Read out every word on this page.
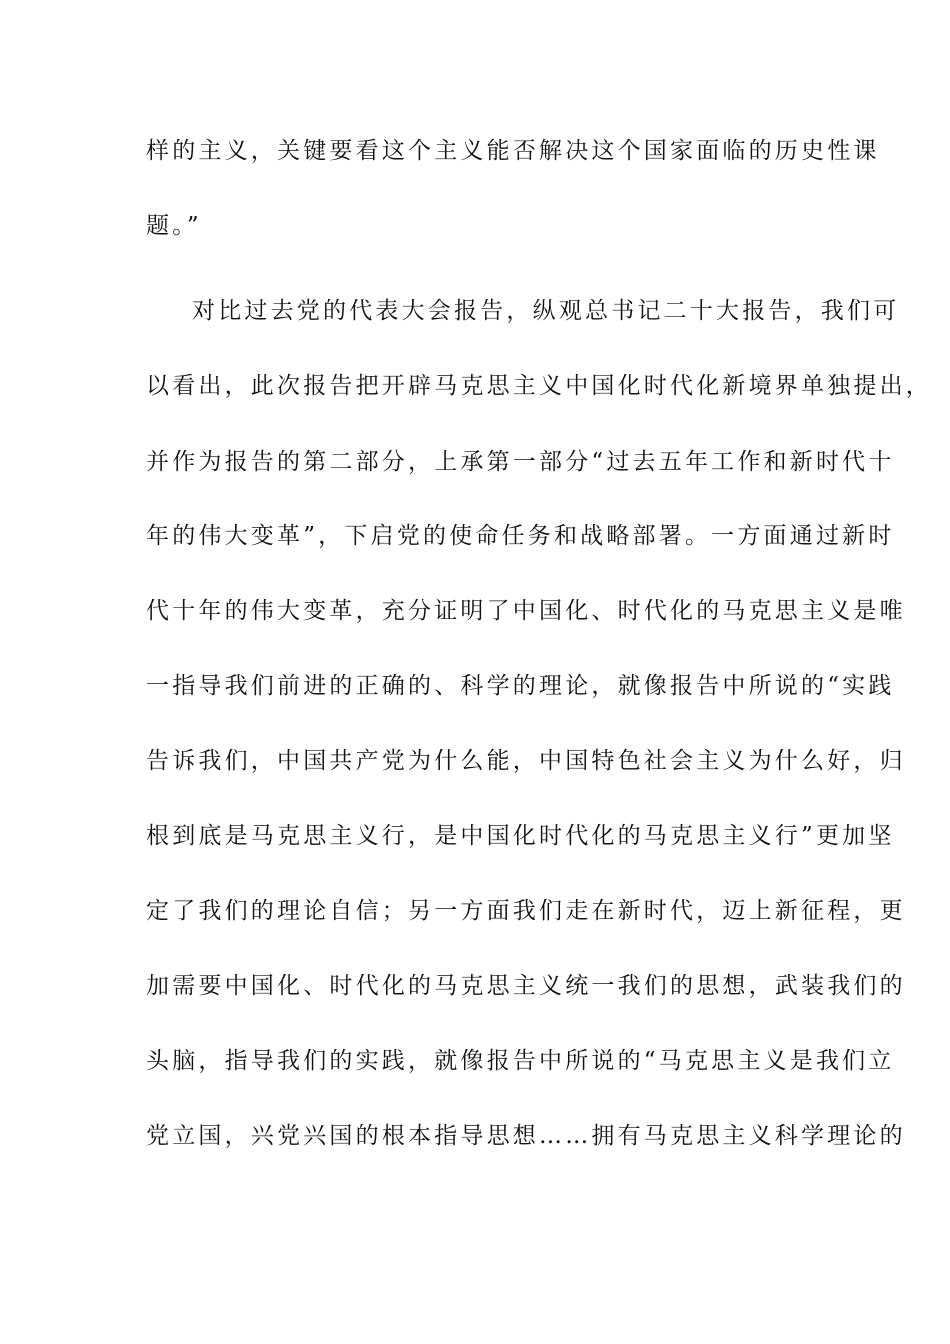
样的主义，关键要看这个主义能否解决这个国家面临的历史性课
题。”
对比过去党的代表大会报告，纵观总书记二十大报告，我们可
以看出，此次报告把开辟马克思主义中国化时代化新境界单独提出，
并作为报告的第二部分，上承第一部分“过去五年工作和新时代十
年的伟大变革”，下启党的使命任务和战略部署。一方面通过新时
代十年的伟大变革，充分证明了中国化、时代化的马克思主义是唯
一指导我们前进的正确的、科学的理论，就像报告中所说的“实践
告诉我们，中国共产党为什么能，中国特色社会主义为什么好，归
根到底是马克思主义行，是中国化时代化的马克思主义行”更加坚
定了我们的理论自信；另一方面我们走在新时代，迈上新征程，更
加需要中国化、时代化的马克思主义统一我们的思想，武装我们的
头脑，指导我们的实践，就像报告中所说的“马克思主义是我们立
党立国，兴党兴国的根本指导思想……拥有马克思主义科学理论的
